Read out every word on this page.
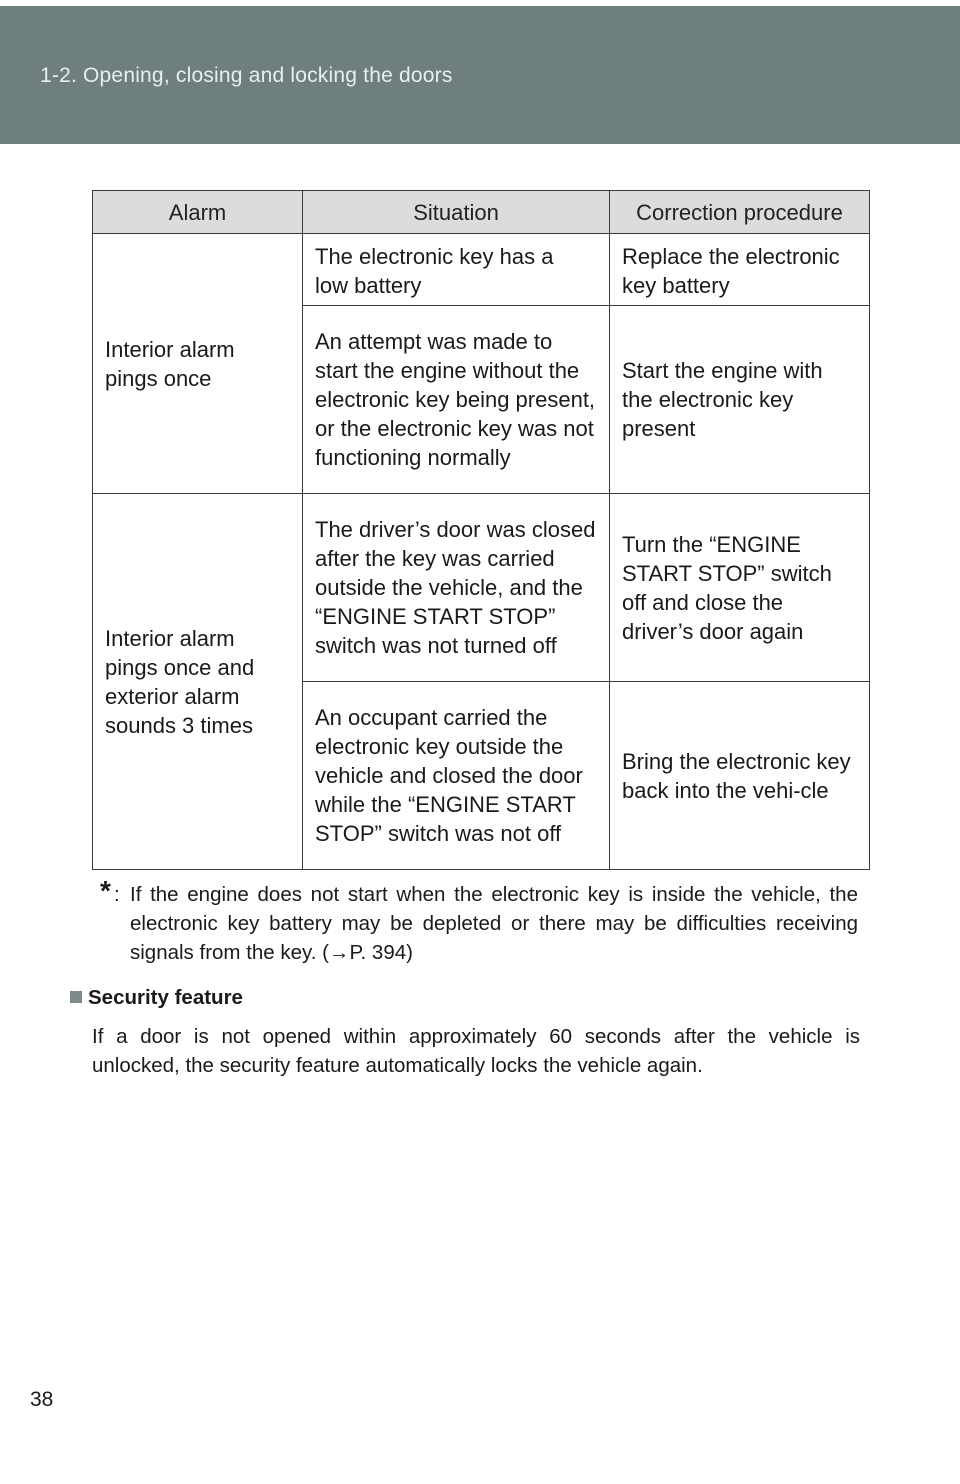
1-2. Opening, closing and locking the doors
Alarm	Situation	Correction procedure
Interior alarm pings once	The electronic key has a low battery	Replace the electronic key battery
	An attempt was made to start the engine without the electronic key being present, or the electronic key was not functioning normally	Start the engine with the electronic key present
Interior alarm pings once and exterior alarm sounds 3 times	The driver’s door was closed after the key was carried outside the vehicle, and the “ENGINE START STOP” switch was not turned off	Turn the “ENGINE START STOP” switch off and close the driver’s door again
	An occupant carried the electronic key outside the vehicle and closed the door while the “ENGINE START STOP” switch was not off	Bring the electronic key back into the vehi-cle
* : If the engine does not start when the electronic key is inside the vehicle, the electronic key battery may be depleted or there may be difficulties receiving signals from the key. (→P. 394)
Security feature
If a door is not opened within approximately 60 seconds after the vehicle is unlocked, the security feature automatically locks the vehicle again.
38
